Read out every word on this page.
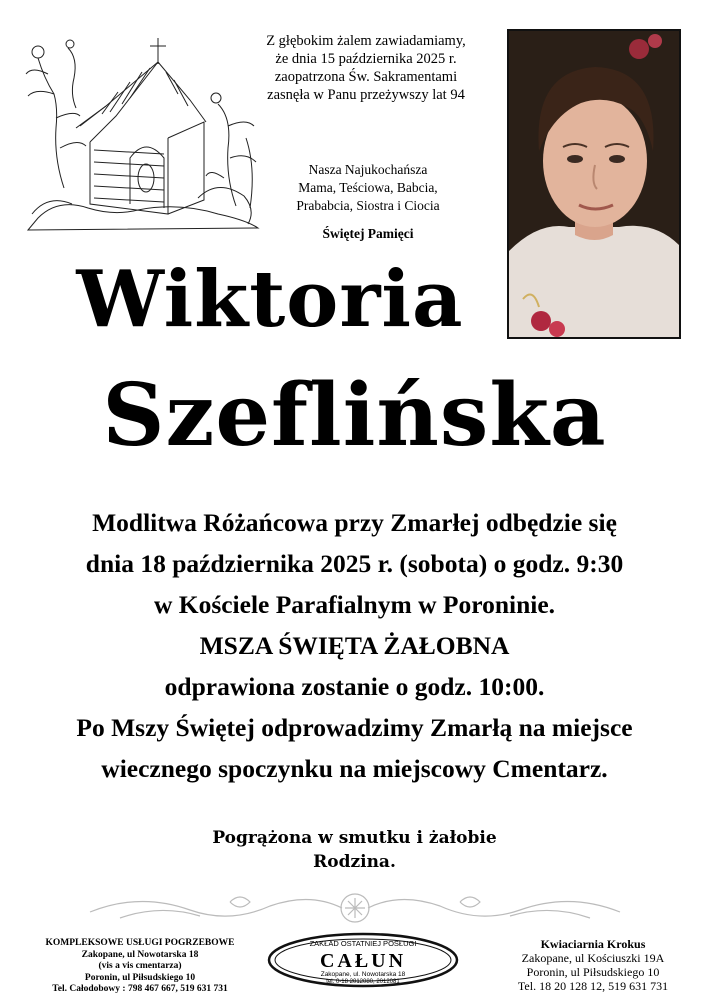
Z głębokim żalem zawiadamiamy,
że dnia 15 października 2025 r.
zaopatrzona Św. Sakramentami
zasnęła w Panu przeżywszy lat 94
Nasza Najukochańsza
Mama, Teściowa, Babcia,
Prababcia, Siostra i Ciocia
Świętej Pamięci
Wiktoria
Szeflińska
Modlitwa Różańcowa przy Zmarłej odbędzie się
dnia 18 października 2025 r. (sobota) o godz. 9:30
w Kościele Parafialnym w Poroninie.
MSZA ŚWIĘTA ŻAŁOBNA
odprawiona zostanie o godz. 10:00.
Po Mszy Świętej odprowadzimy Zmarłą na miejsce
wiecznego spoczynku na miejscowy Cmentarz.
Pogrążona w smutku i żałobie
Rodzina.
KOMPLEKSOWE USŁUGI POGRZEBOWE
Zakopane, ul Nowotarska 18
(vis a vis cmentarza)
Poronin, ul Piłsudskiego 10
Tel. Całodobowy : 798 467 667, 519 631 731
ZAKŁAD OSTATNIEJ POSŁUGI
CAŁUN
Zakopane, ul. Nowotarska 18
tel. 0-18 2012080, 2012081
Kwiaciarnia Krokus
Zakopane, ul Kościuszki 19A
Poronin, ul Piłsudskiego 10
Tel. 18 20 128 12, 519 631 731
